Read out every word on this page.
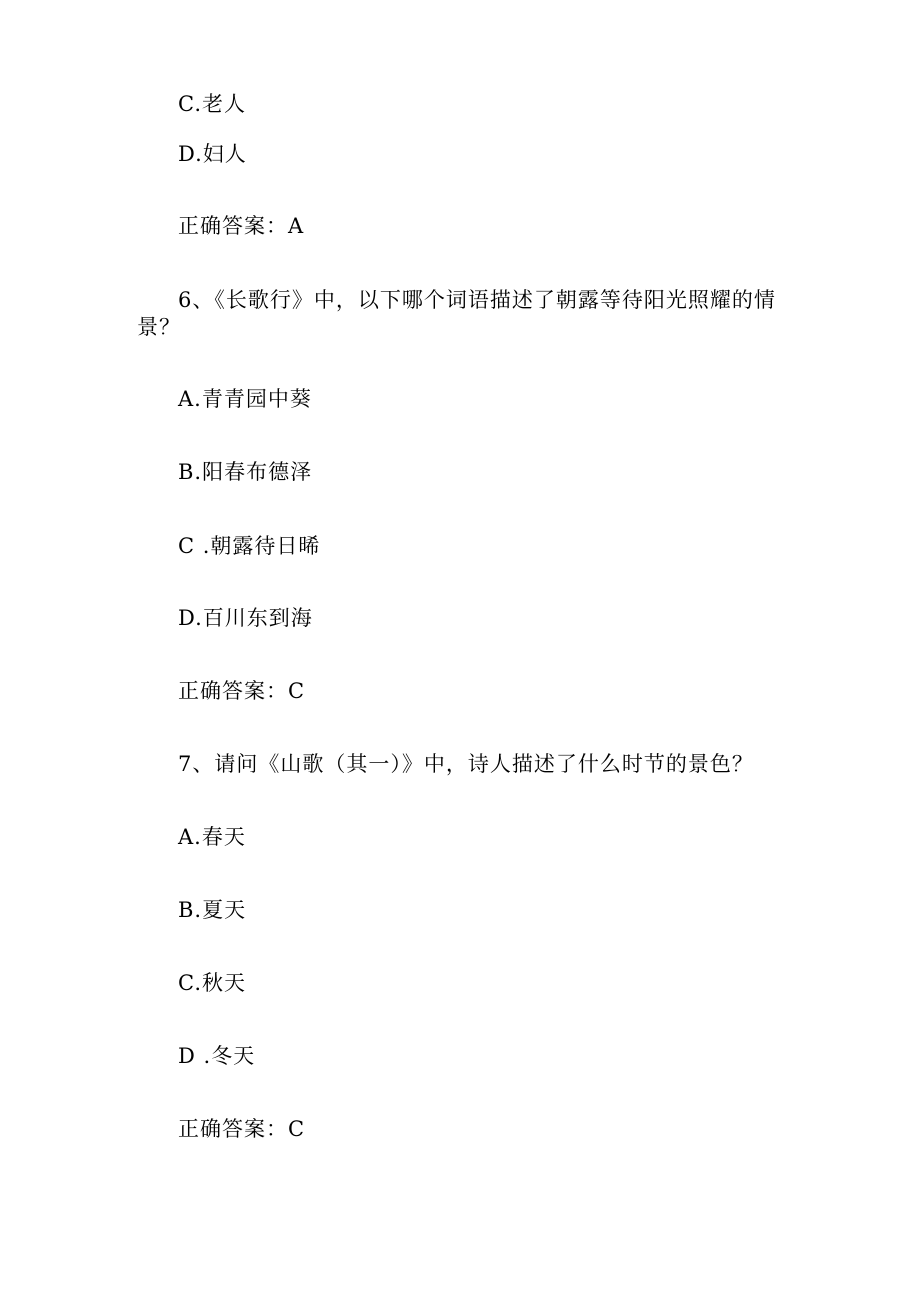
C.老人
D.妇人
正确答案：A
6、《长歌行》中，以下哪个词语描述了朝露等待阳光照耀的情
景？
A.青青园中葵
B.阳春布德泽
C .朝露待日晞
D.百川东到海
正确答案：C
7、请问《山歌（其一）》中，诗人描述了什么时节的景色？
A.春天
B.夏天
C.秋天
D .冬天
正确答案：C
